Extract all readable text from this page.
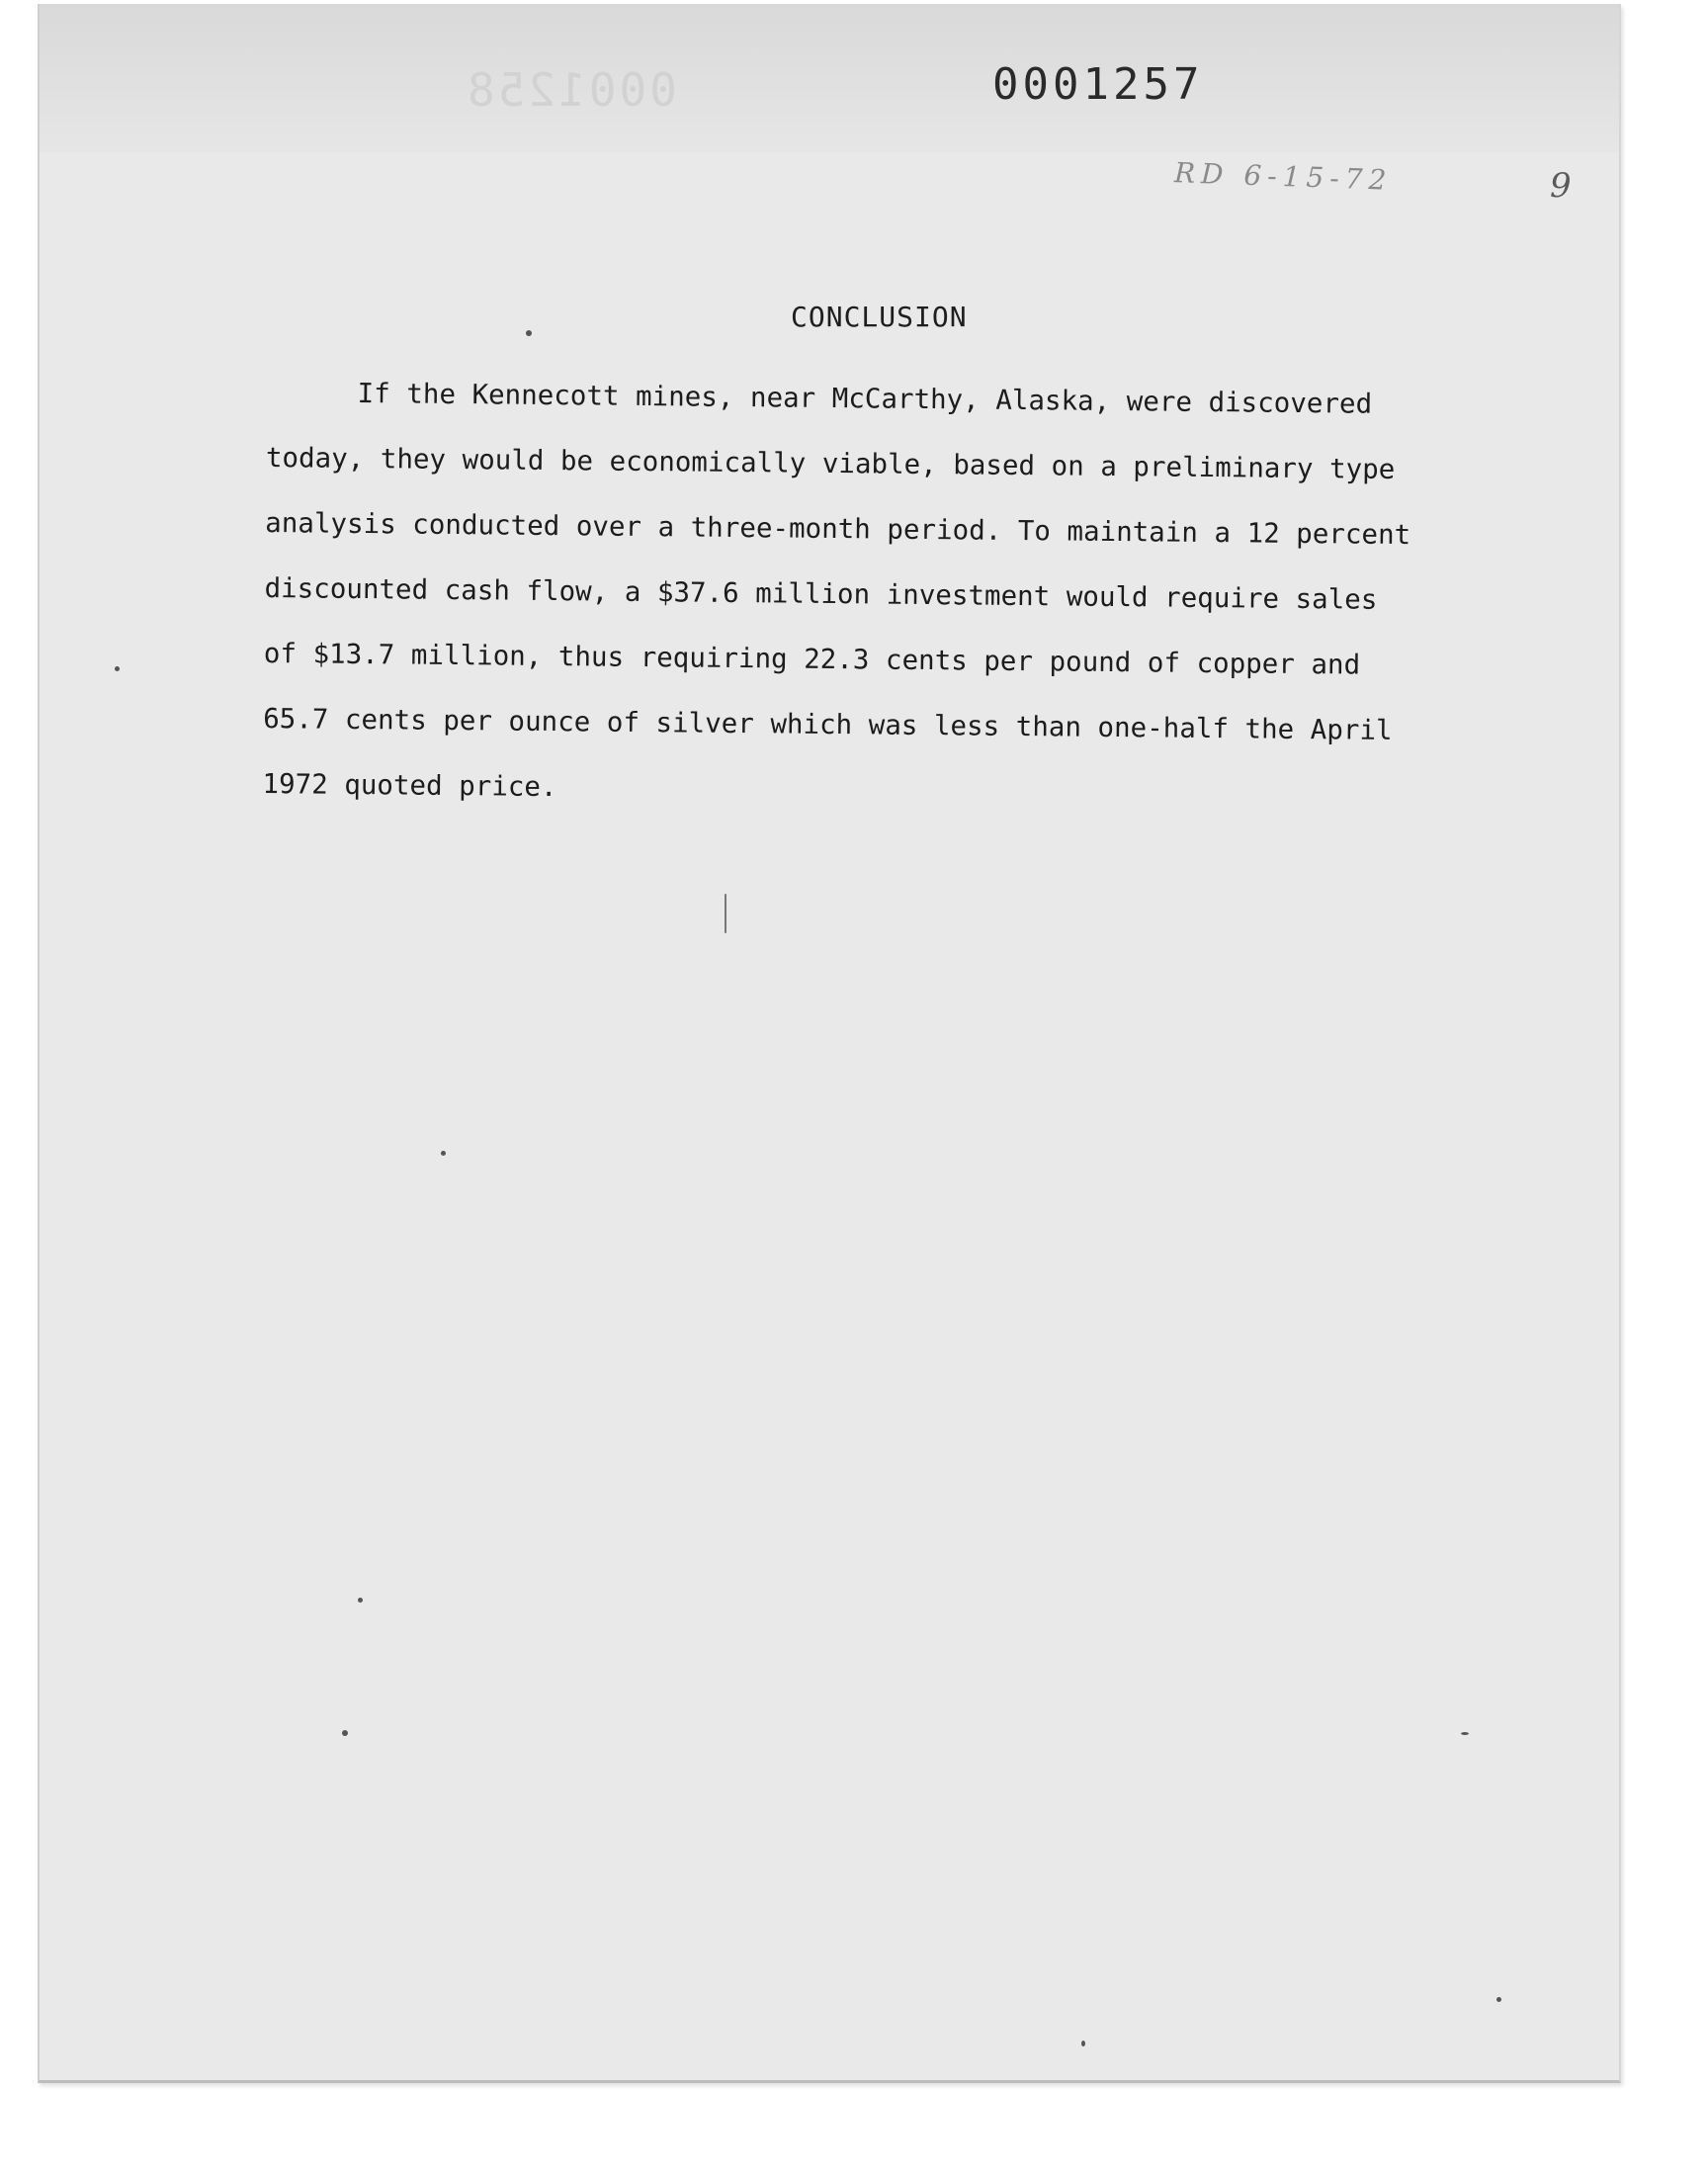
0001258	0001257
RD 6-15-72	9
CONCLUSION
If the Kennecott mines, near McCarthy, Alaska, were discovered
today, they would be economically viable, based on a preliminary type
analysis conducted over a three-month period. To maintain a 12 percent
discounted cash flow, a $37.6 million investment would require sales
of $13.7 million, thus requiring 22.3 cents per pound of copper and
65.7 cents per ounce of silver which was less than one-half the April
1972 quoted price.
